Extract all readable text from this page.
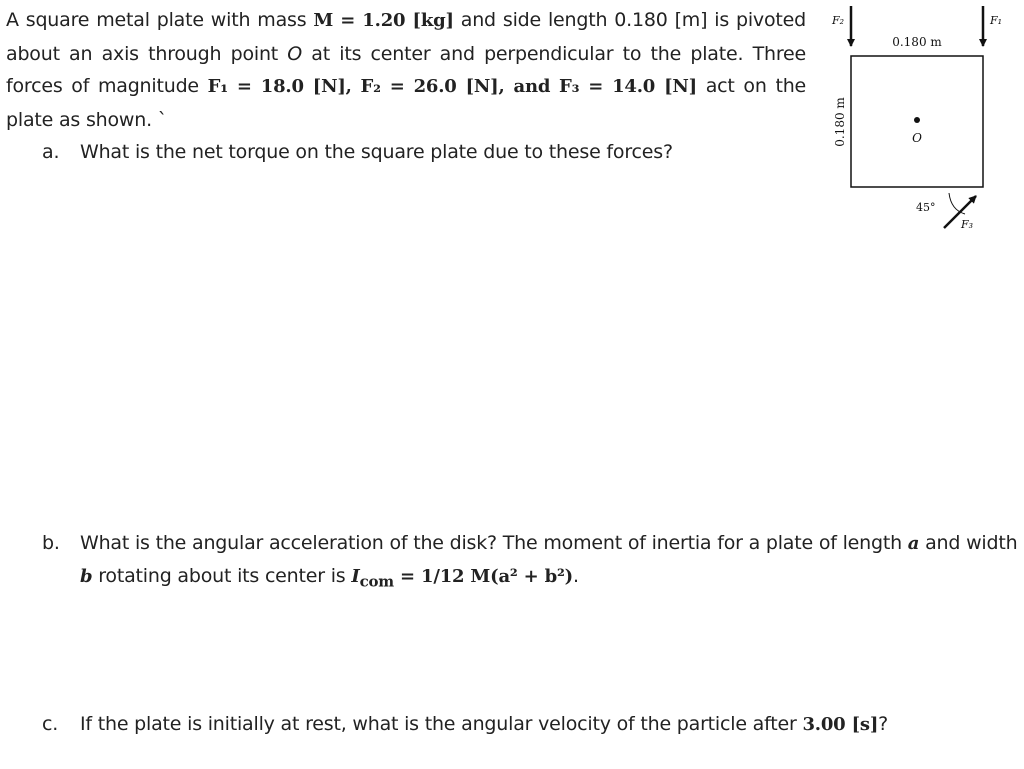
A square metal plate with mass M = 1.20 [kg] and side length 0.180 [m] is pivoted about an axis through point O at its center and perpendicular to the plate. Three forces of magnitude F₁ = 18.0 [N], F₂ = 26.0 [N], and F₃ = 14.0 [N] act on the plate as shown. `
a. What is the net torque on the square plate due to these forces?
b. What is the angular acceleration of the disk? The moment of inertia for a plate of length a and width
b rotating about its center is $I_{com} = 1/12$ M(a² + b²).
c. If the plate is initially at rest, what is the angular velocity of the particle after 3.00 [s]?
F₂	F₁
0.180 m
0.180 m	O
45°
F₃
